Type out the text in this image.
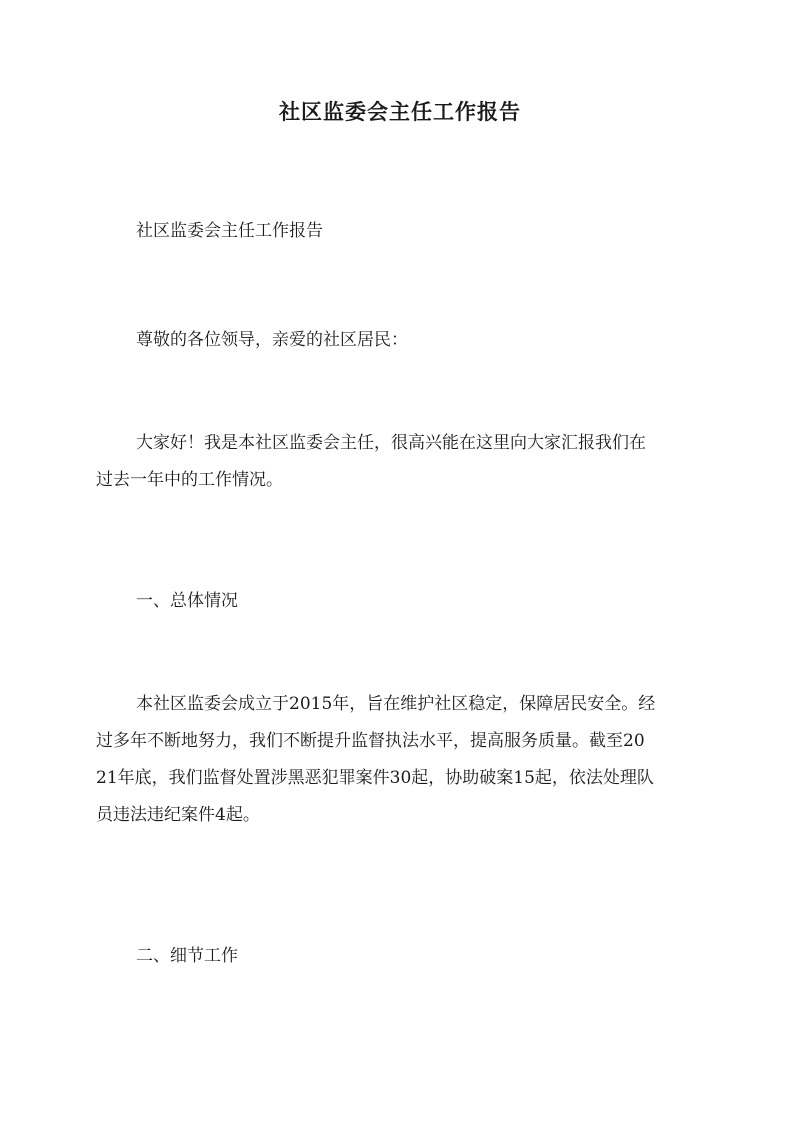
社区监委会主任工作报告

社区监委会主任工作报告

尊敬的各位领导，亲爱的社区居民：

大家好！我是本社区监委会主任，很高兴能在这里向大家汇报我们在
过去一年中的工作情况。

一、总体情况

本社区监委会成立于2015年，旨在维护社区稳定，保障居民安全。经
过多年不断地努力，我们不断提升监督执法水平，提高服务质量。截至20
21年底，我们监督处置涉黑恶犯罪案件30起，协助破案15起，依法处理队
员违法违纪案件4起。

二、细节工作
